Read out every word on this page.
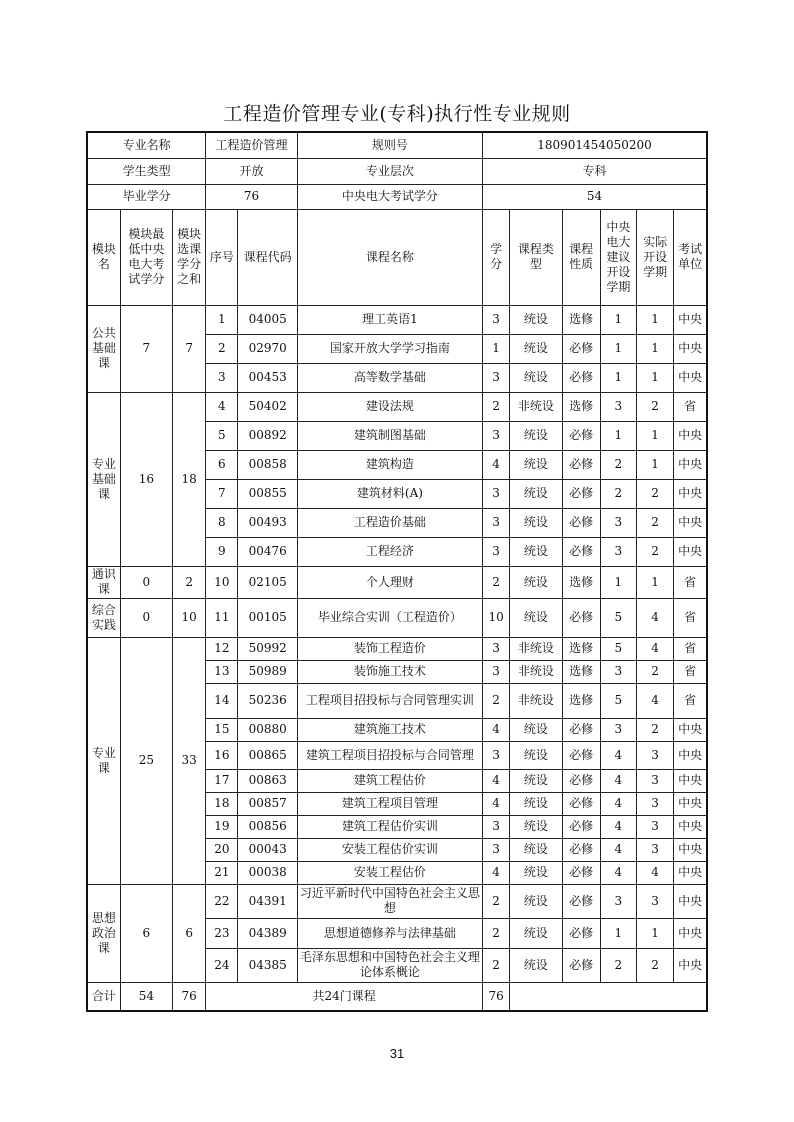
工程造价管理专业(专科)执行性专业规则
专业名称			工程造价管理		规则号	180901454050200					
学生类型			开放		专业层次	专科					
毕业学分			76		中央电大考试学分	54					
模块名	模块最低中央电大考试学分	模块选课学分之和	序号	课程代码	课程名称	学分	课程类型	课程性质	中央电大建议开设学期	实际开设学期	考试单位
公共基础课	7	7	1	04005	理工英语1	3	统设	选修	1	1	中央
			2	02970	国家开放大学学习指南	1	统设	必修	1	1	中央
			3	00453	高等数学基础	3	统设	必修	1	1	中央
专业基础课	16	18	4	50402	建设法规	2	非统设	选修	3	2	省
			5	00892	建筑制图基础	3	统设	必修	1	1	中央
			6	00858	建筑构造	4	统设	必修	2	1	中央
			7	00855	建筑材料(A)	3	统设	必修	2	2	中央
			8	00493	工程造价基础	3	统设	必修	3	2	中央
			9	00476	工程经济	3	统设	必修	3	2	中央
通识课	0	2	10	02105	个人理财	2	统设	选修	1	1	省
综合实践	0	10	11	00105	毕业综合实训（工程造价）	10	统设	必修	5	4	省
专业课	25	33	12	50992	装饰工程造价	3	非统设	选修	5	4	省
			13	50989	装饰施工技术	3	非统设	选修	3	2	省
			14	50236	工程项目招投标与合同管理实训	2	非统设	选修	5	4	省
			15	00880	建筑施工技术	4	统设	必修	3	2	中央
			16	00865	建筑工程项目招投标与合同管理	3	统设	必修	4	3	中央
			17	00863	建筑工程估价	4	统设	必修	4	3	中央
			18	00857	建筑工程项目管理	4	统设	必修	4	3	中央
			19	00856	建筑工程估价实训	3	统设	必修	4	3	中央
			20	00043	安装工程估价实训	3	统设	必修	4	3	中央
			21	00038	安装工程估价	4	统设	必修	4	4	中央
思想政治课	6	6	22	04391	习近平新时代中国特色社会主义思想	2	统设	必修	3	3	中央
			23	04389	思想道德修养与法律基础	2	统设	必修	1	1	中央
			24	04385	毛泽东思想和中国特色社会主义理论体系概论	2	统设	必修	2	2	中央
合计	54	76	共24门课程			76					
31
